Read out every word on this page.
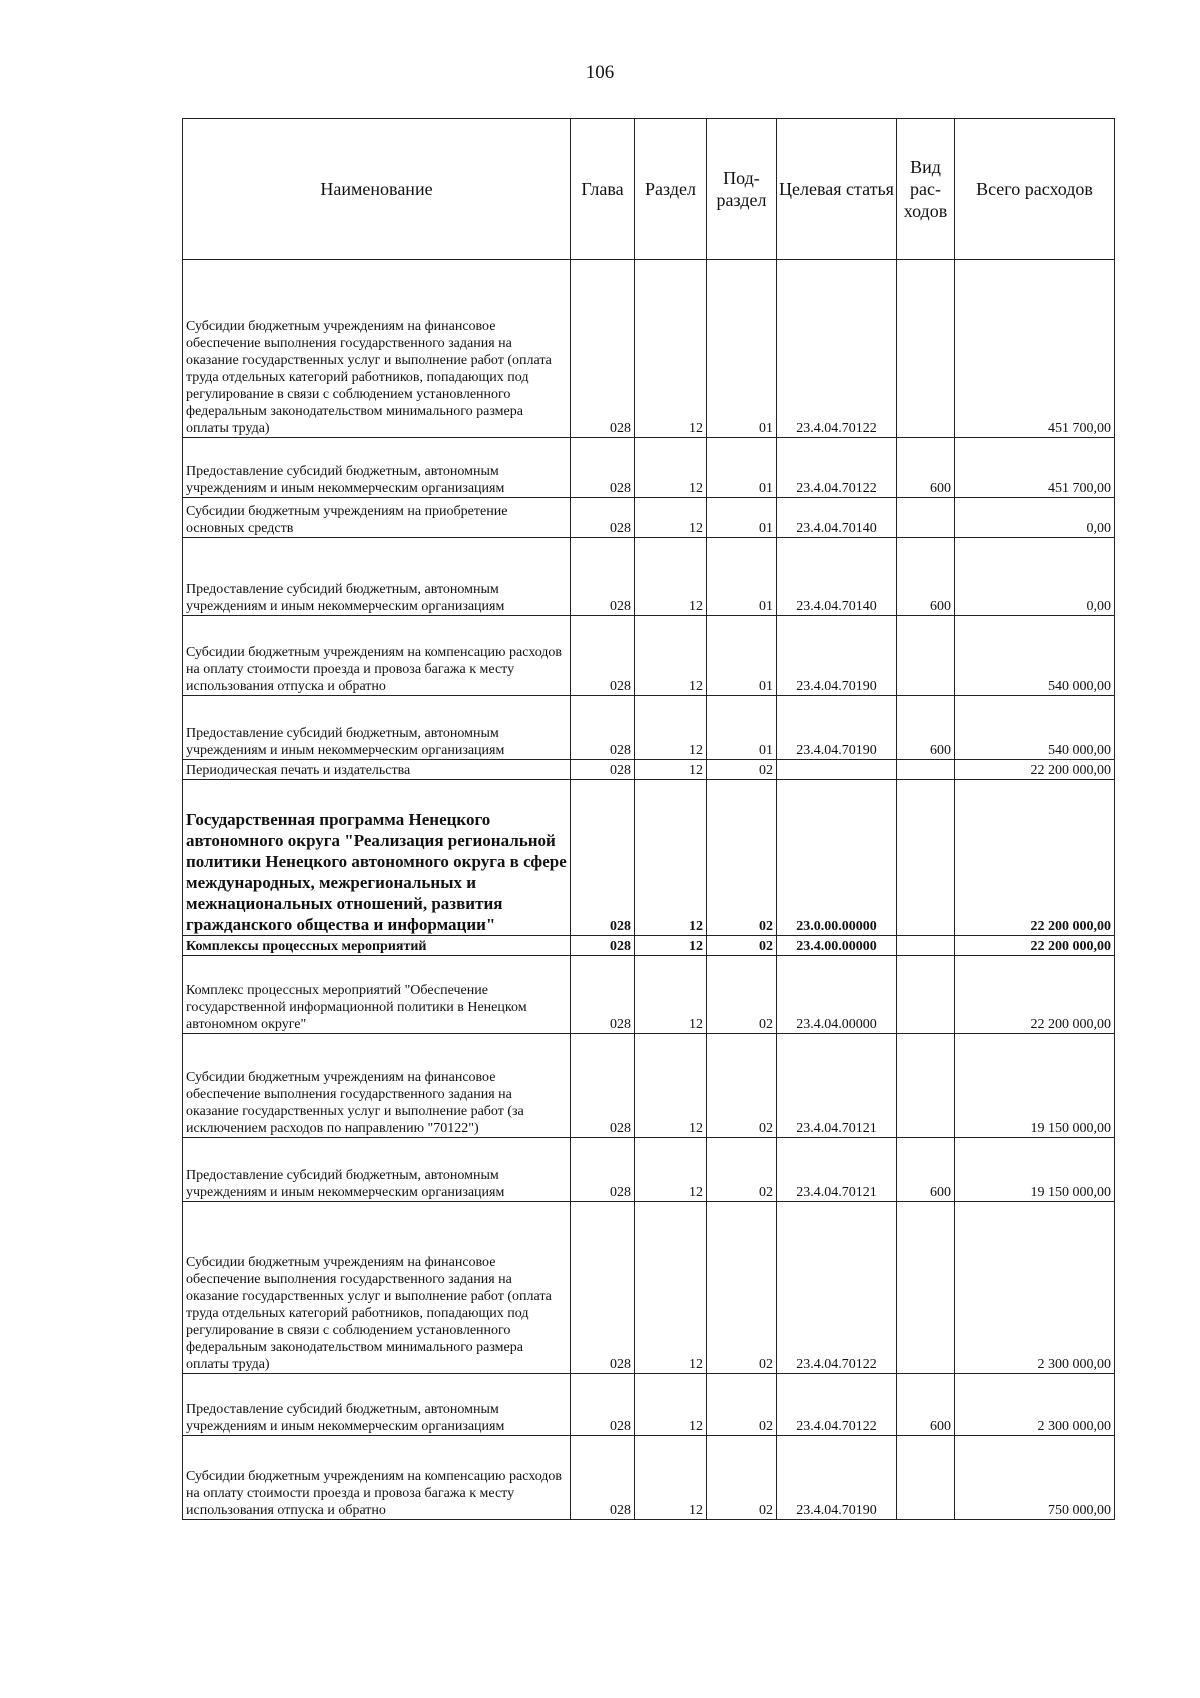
106
Наименование	Глава	Раздел	Под-раздел	Целевая статья	Вид рас-ходов	Всего расходов
Субсидии бюджетным учреждениям на финансовое обеспечение выполнения государственного задания на оказание государственных услуг и выполнение работ (оплата труда отдельных категорий работников, попадающих под регулирование в связи с соблюдением установленного федеральным законодательством минимального размера оплаты труда)	028	12	01	23.4.04.70122		451 700,00
Предоставление субсидий бюджетным, автономным учреждениям и иным некоммерческим организациям	028	12	01	23.4.04.70122	600	451 700,00
Субсидии бюджетным учреждениям на приобретение основных средств	028	12	01	23.4.04.70140		0,00
Предоставление субсидий бюджетным, автономным учреждениям и иным некоммерческим организациям	028	12	01	23.4.04.70140	600	0,00
Субсидии бюджетным учреждениям на компенсацию расходов на оплату стоимости проезда и провоза багажа к месту использования отпуска и обратно	028	12	01	23.4.04.70190		540 000,00
Предоставление субсидий бюджетным, автономным учреждениям и иным некоммерческим организациям	028	12	01	23.4.04.70190	600	540 000,00
Периодическая печать и издательства	028	12	02			22 200 000,00
Государственная программа Ненецкого автономного округа "Реализация региональной политики Ненецкого автономного округа в сфере международных, межрегиональных и межнациональных отношений, развития гражданского общества и информации"	028	12	02	23.0.00.00000		22 200 000,00
Комплексы процессных мероприятий	028	12	02	23.4.00.00000		22 200 000,00
Комплекс процессных мероприятий "Обеспечение государственной информационной политики в Ненецком автономном округе"	028	12	02	23.4.04.00000		22 200 000,00
Субсидии бюджетным учреждениям на финансовое обеспечение выполнения государственного задания на оказание государственных услуг и выполнение работ (за исключением расходов по направлению "70122")	028	12	02	23.4.04.70121		19 150 000,00
Предоставление субсидий бюджетным, автономным учреждениям и иным некоммерческим организациям	028	12	02	23.4.04.70121	600	19 150 000,00
Субсидии бюджетным учреждениям на финансовое обеспечение выполнения государственного задания на оказание государственных услуг и выполнение работ (оплата труда отдельных категорий работников, попадающих под регулирование в связи с соблюдением установленного федеральным законодательством минимального размера оплаты труда)	028	12	02	23.4.04.70122		2 300 000,00
Предоставление субсидий бюджетным, автономным учреждениям и иным некоммерческим организациям	028	12	02	23.4.04.70122	600	2 300 000,00
Субсидии бюджетным учреждениям на компенсацию расходов на оплату стоимости проезда и провоза багажа к месту использования отпуска и обратно	028	12	02	23.4.04.70190		750 000,00
